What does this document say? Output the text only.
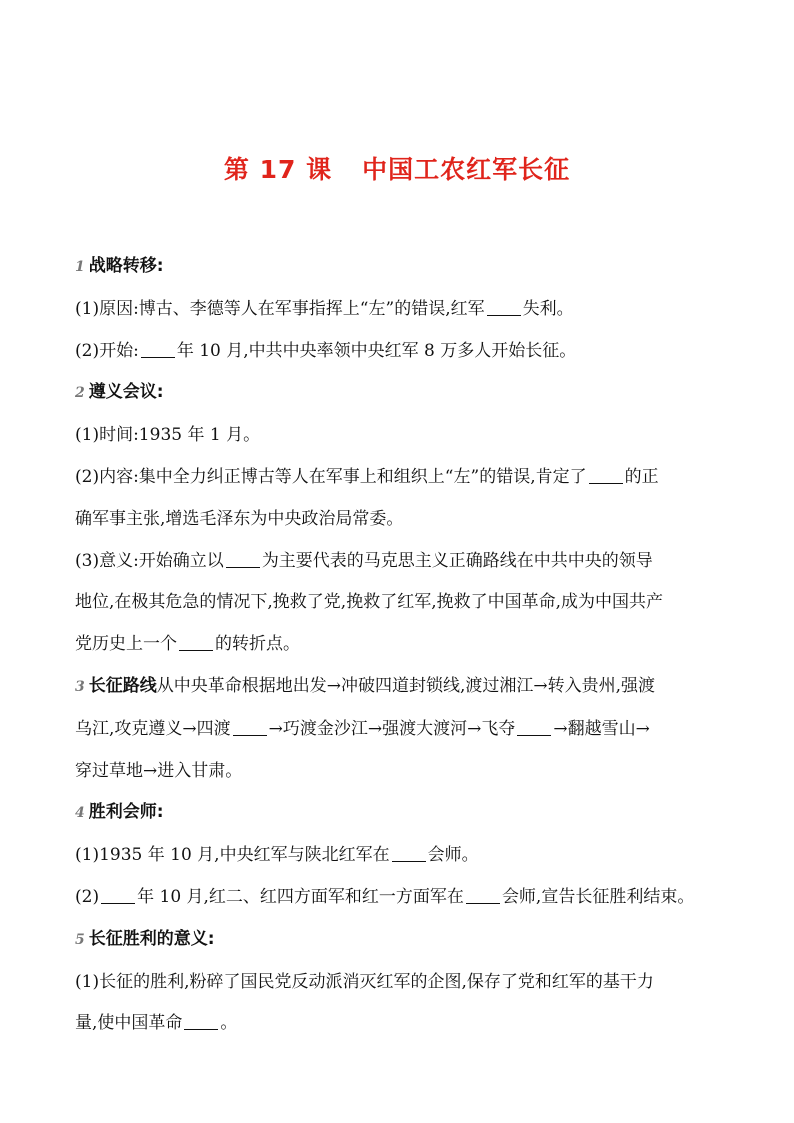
第 17 课 中国工农红军长征

1 战略转移:

(1)原因:博古、李德等人在军事指挥上“左”的错误,红军 失利。

(2)开始: 年 10 月,中共中央率领中央红军 8 万多人开始长征。

2 遵义会议:

(1)时间:1935 年 1 月。

(2)内容:集中全力纠正博古等人在军事上和组织上“左”的错误,肯定了 的正

确军事主张,增选毛泽东为中央政治局常委。

(3)意义:开始确立以 为主要代表的马克思主义正确路线在中共中央的领导

地位,在极其危急的情况下,挽救了党,挽救了红军,挽救了中国革命,成为中国共产

党历史上一个 的转折点。

3 长征路线从中央革命根据地出发→冲破四道封锁线,渡过湘江→转入贵州,强渡

乌江,攻克遵义→四渡 →巧渡金沙江→强渡大渡河→飞夺 →翻越雪山→

穿过草地→进入甘肃。

4 胜利会师:

(1)1935 年 10 月,中央红军与陕北红军在 会师。

(2) 年 10 月,红二、红四方面军和红一方面军在 会师,宣告长征胜利结束。

5 长征胜利的意义:

(1)长征的胜利,粉碎了国民党反动派消灭红军的企图,保存了党和红军的基干力

量,使中国革命 。
